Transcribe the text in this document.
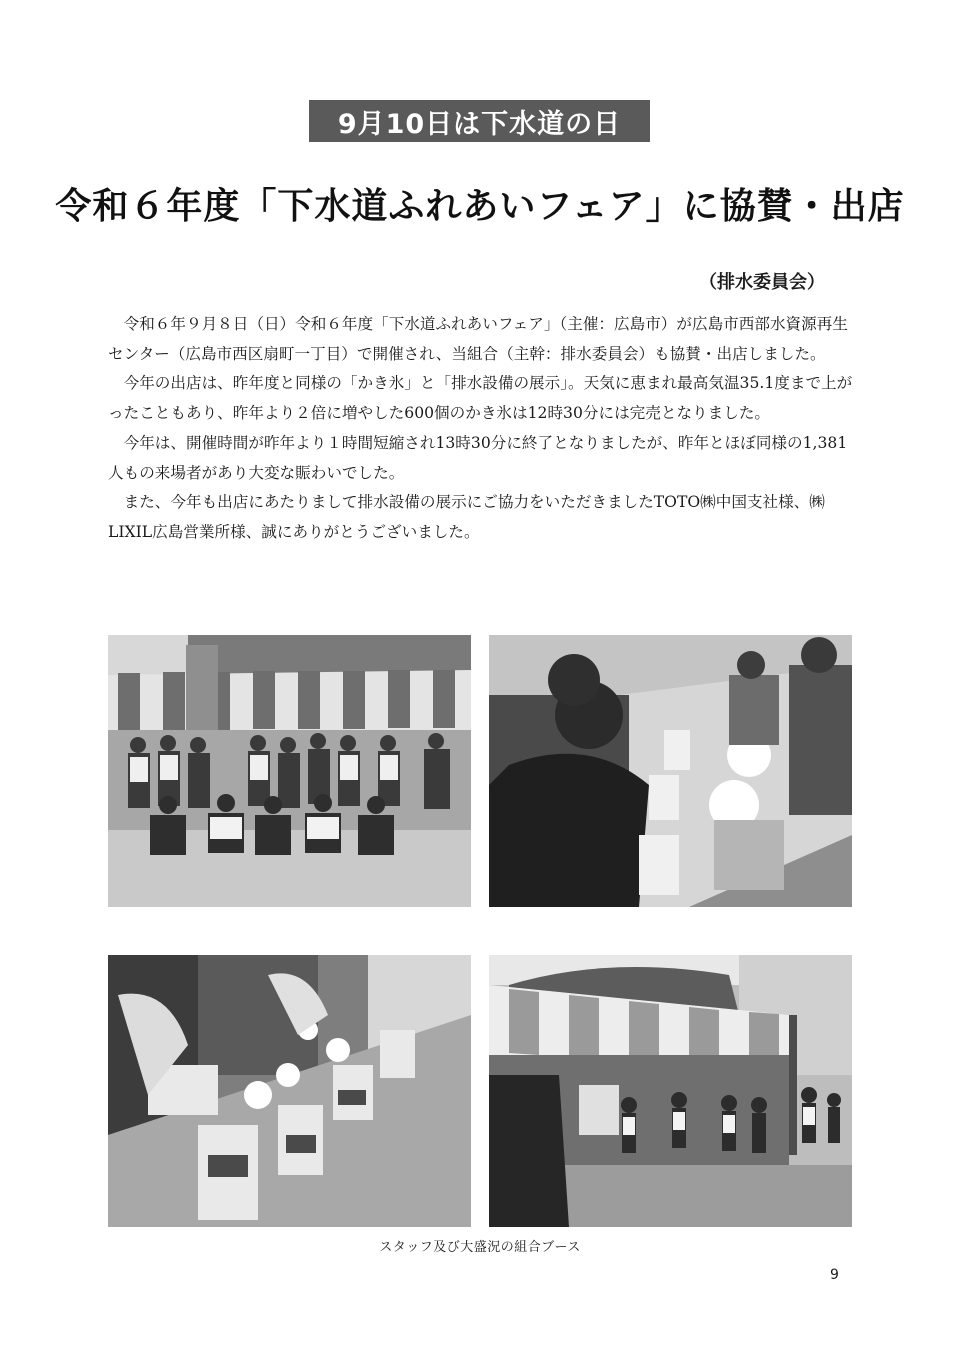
9月10日は下水道の日
令和６年度「下水道ふれあいフェア」に協賛・出店
（排水委員会）

令和６年９月８日（日）令和６年度「下水道ふれあいフェア」（主催：広島市）が広島市西部水資源再生センター（広島市西区扇町一丁目）で開催され、当組合（主幹：排水委員会）も協賛・出店しました。

今年の出店は、昨年度と同様の「かき氷」と「排水設備の展示」。天気に恵まれ最高気温35.1度まで上がったこともあり、昨年より２倍に増やした600個のかき氷は12時30分には完売となりました。

今年は、開催時間が昨年より１時間短縮され13時30分に終了となりましたが、昨年とほぼ同様の1,381人もの来場者があり大変な賑わいでした。

また、今年も出店にあたりまして排水設備の展示にご協力をいただきましたTOTO㈱中国支社様、㈱LIXIL広島営業所様、誠にありがとうございました。

スタッフ及び大盛況の組合ブース
9
